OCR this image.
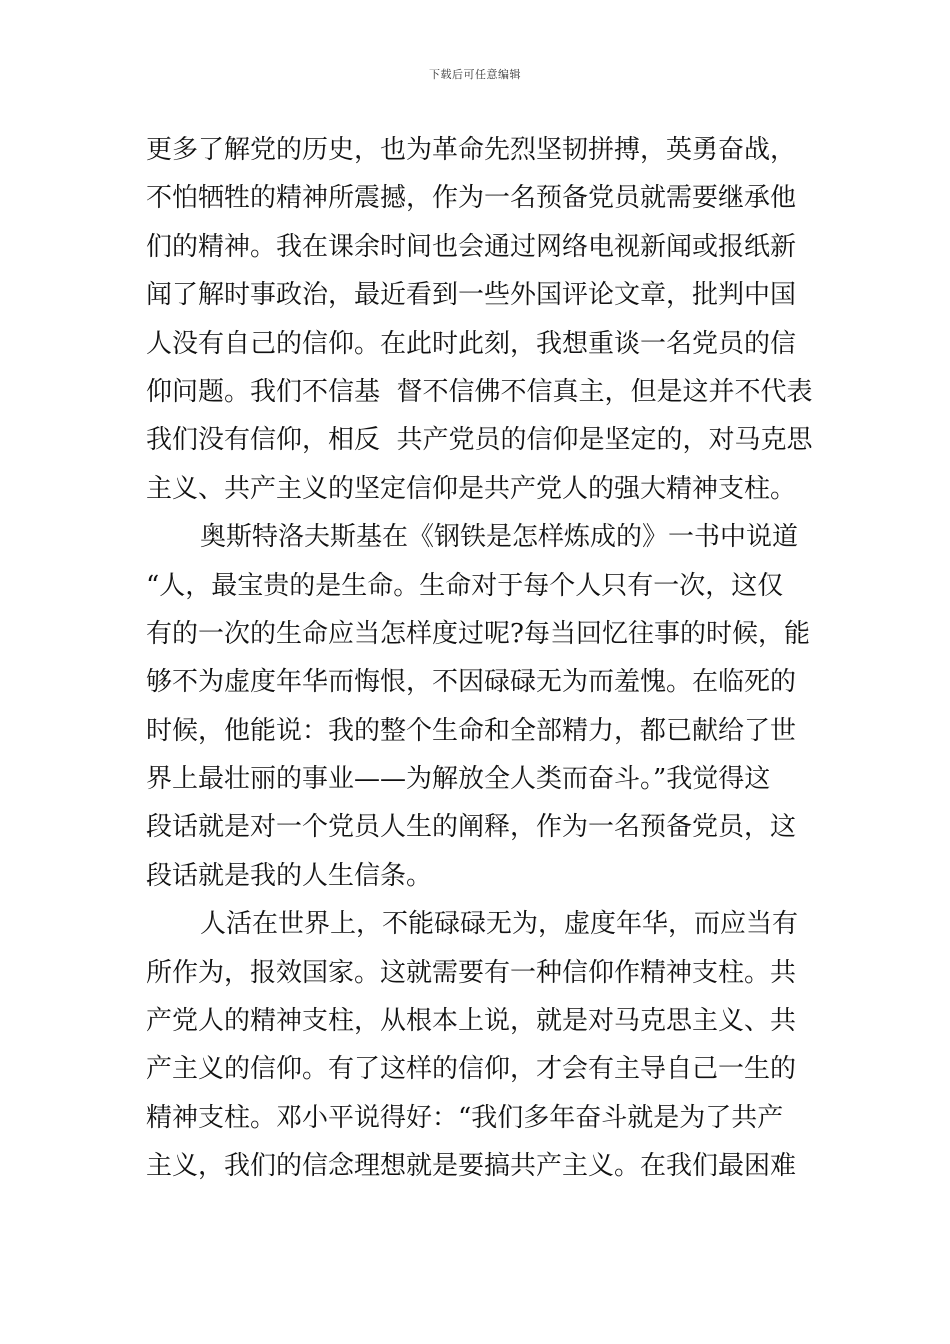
下载后可任意编辑
更多了解党的历史，也为革命先烈坚韧拼搏，英勇奋战，
不怕牺牲的精神所震撼，作为一名预备党员就需要继承他
们的精神。我在课余时间也会通过网络电视新闻或报纸新
闻了解时事政治，最近看到一些外国评论文章，批判中国
人没有自己的信仰。在此时此刻，我想重谈一名党员的信
仰问题。我们不信基  督不信佛不信真主，但是这并不代表
我们没有信仰，相反  共产党员的信仰是坚定的，对马克思
主义、共产主义的坚定信仰是共产党人的强大精神支柱。
奥斯特洛夫斯基在《钢铁是怎样炼成的》一书中说道
“人，最宝贵的是生命。生命对于每个人只有一次，这仅
有的一次的生命应当怎样度过呢?每当回忆往事的时候，能
够不为虚度年华而悔恨，不因碌碌无为而羞愧。在临死的
时候，他能说：我的整个生命和全部精力，都已献给了世
界上最壮丽的事业——为解放全人类而奋斗。”我觉得这
段话就是对一个党员人生的阐释，作为一名预备党员，这
段话就是我的人生信条。
人活在世界上，不能碌碌无为，虚度年华，而应当有
所作为，报效国家。这就需要有一种信仰作精神支柱。共
产党人的精神支柱，从根本上说，就是对马克思主义、共
产主义的信仰。有了这样的信仰，才会有主导自己一生的
精神支柱。邓小平说得好：“我们多年奋斗就是为了共产
主义，我们的信念理想就是要搞共产主义。在我们最困难
